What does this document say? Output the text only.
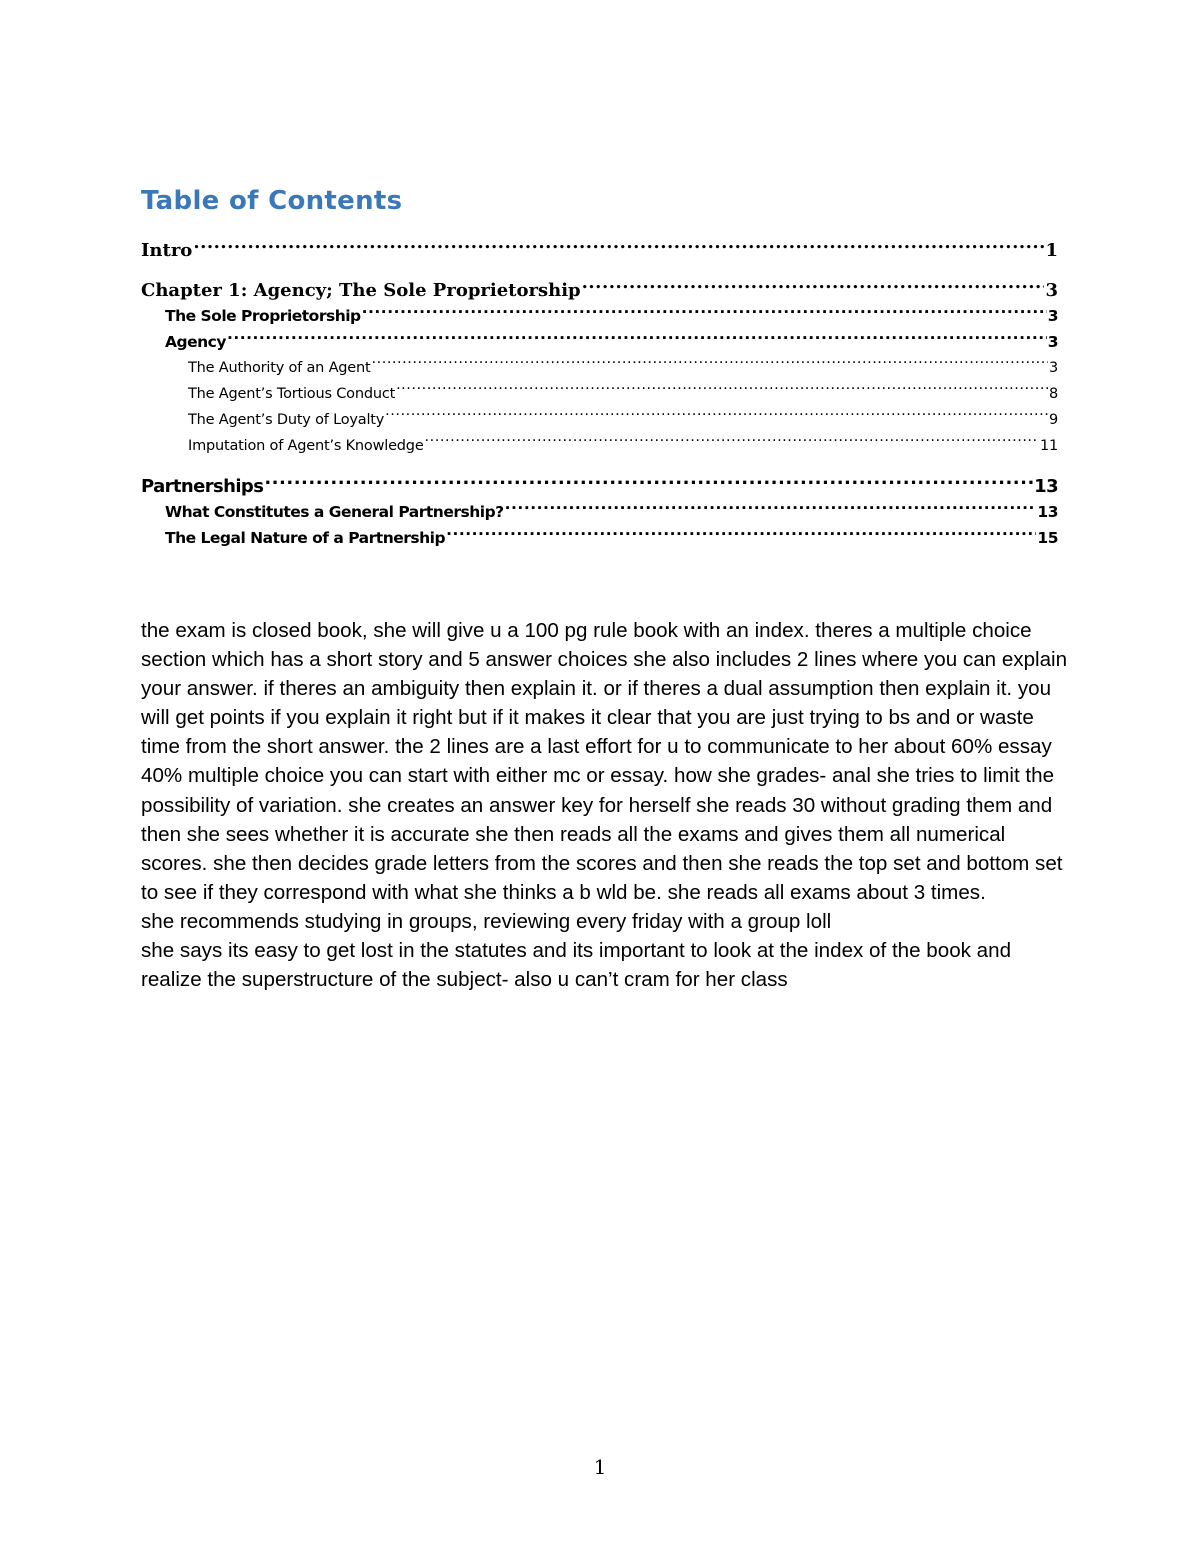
Table of Contents
Intro .....	1
Chapter 1: Agency; The Sole Proprietorship .....	3
The Sole Proprietorship .....	3
Agency .....	3
The Authority of an Agent .....	3
The Agent’s Tortious Conduct .....	8
The Agent’s Duty of Loyalty .....	9
Imputation of Agent’s Knowledge .....	11
Partnerships .....	13
What Constitutes a General Partnership? .....	13
The Legal Nature of a Partnership .....	15

the exam is closed book, she will give u a 100 pg rule book with an index. theres a multiple choice section which has a short story and 5 answer choices she also includes 2 lines where you can explain your answer. if theres an ambiguity then explain it. or if theres a dual assumption then explain it. you will get points if you explain it right but if it makes it clear that you are just trying to bs and or waste time from the short answer. the 2 lines are a last effort for u to communicate to her about 60% essay 40% multiple choice you can start with either mc or essay. how she grades- anal she tries to limit the possibility of variation. she creates an answer key for herself she reads 30 without grading them and then she sees whether it is accurate she then reads all the exams and gives them all numerical scores. she then decides grade letters from the scores and then she reads the top set and bottom set to see if they correspond with what she thinks a b wld be. she reads all exams about 3 times.

she recommends studying in groups, reviewing every friday with a group loll

she says its easy to get lost in the statutes and its important to look at the index of the book and realize the superstructure of the subject- also u can’t cram for her class

1
